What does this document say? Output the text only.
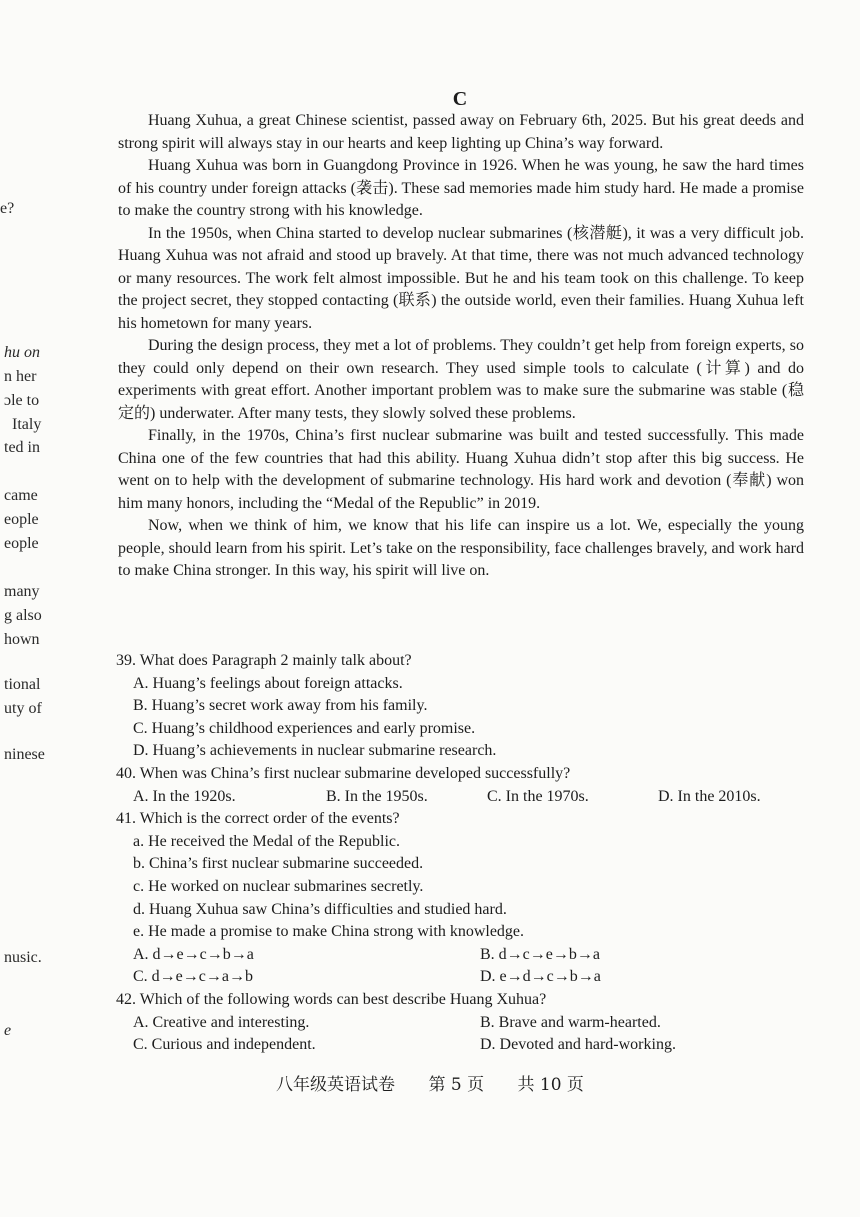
e?
hu on
n her
ɔle to
Italy
ted in
came
eople
eople
many
g also
hown
tional
uty of
ninese
nusic.
e
C

Huang Xuhua, a great Chinese scientist, passed away on February 6th, 2025. But his great deeds and strong spirit will always stay in our hearts and keep lighting up China’s way forward.

Huang Xuhua was born in Guangdong Province in 1926. When he was young, he saw the hard times of his country under foreign attacks (袭击). These sad memories made him study hard. He made a promise to make the country strong with his knowledge.

In the 1950s, when China started to develop nuclear submarines (核潜艇), it was a very difficult job. Huang Xuhua was not afraid and stood up bravely. At that time, there was not much advanced technology or many resources. The work felt almost impossible. But he and his team took on this challenge. To keep the project secret, they stopped contacting (联系) the outside world, even their families. Huang Xuhua left his hometown for many years.

During the design process, they met a lot of problems. They couldn’t get help from foreign experts, so they could only depend on their own research. They used simple tools to calculate (计算) and do experiments with great effort. Another important problem was to make sure the submarine was stable (稳定的) underwater. After many tests, they slowly solved these problems.

Finally, in the 1970s, China’s first nuclear submarine was built and tested successfully. This made China one of the few countries that had this ability. Huang Xuhua didn’t stop after this big success. He went on to help with the development of submarine technology. His hard work and devotion (奉献) won him many honors, including the “Medal of the Republic” in 2019.

Now, when we think of him, we know that his life can inspire us a lot. We, especially the young people, should learn from his spirit. Let’s take on the responsibility, face challenges bravely, and work hard to make China stronger. In this way, his spirit will live on.

39. What does Paragraph 2 mainly talk about?

A. Huang’s feelings about foreign attacks.

B. Huang’s secret work away from his family.

C. Huang’s childhood experiences and early promise.

D. Huang’s achievements in nuclear submarine research.

40. When was China’s first nuclear submarine developed successfully?

A. In the 1920s.	B. In the 1950s.	C. In the 1970s.	D. In the 2010s.

41. Which is the correct order of the events?

a. He received the Medal of the Republic.

b. China’s first nuclear submarine succeeded.

c. He worked on nuclear submarines secretly.

d. Huang Xuhua saw China’s difficulties and studied hard.

e. He made a promise to make China strong with knowledge.

A. d→e→c→b→a	B. d→c→e→b→a
C. d→e→c→a→b	D. e→d→c→b→a

42. Which of the following words can best describe Huang Xuhua?

A. Creative and interesting.	B. Brave and warm-hearted.
C. Curious and independent.	D. Devoted and hard-working.
八年级英语试卷 第 5 页 共 10 页
